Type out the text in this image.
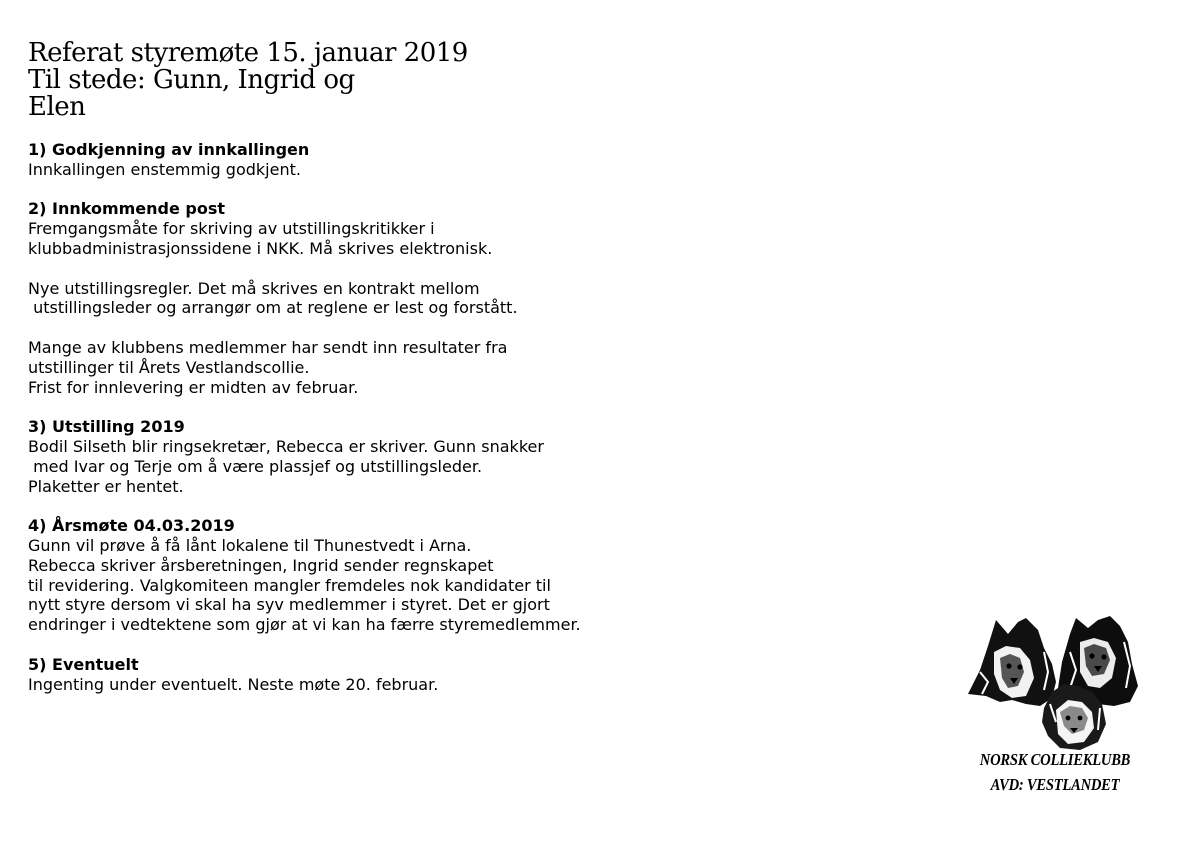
Referat styremøte 15. januar 2019
Til stede: Gunn, Ingrid og
Elen
1) Godkjenning av innkallingen
Innkallingen enstemmig godkjent.
2) Innkommende post
Fremgangsmåte for skriving av utstillingskritikker i
klubbadministrasjonssidene i NKK. Må skrives elektronisk.
Nye utstillingsregler. Det må skrives en kontrakt mellom
utstillingsleder og arrangør om at reglene er lest og forstått.
Mange av klubbens medlemmer har sendt inn resultater fra
utstillinger til Årets Vestlandscollie.
Frist for innlevering er midten av februar.
3) Utstilling 2019
Bodil Silseth blir ringsekretær, Rebecca er skriver. Gunn snakker
med Ivar og Terje om å være plassjef og utstillingsleder.
Plaketter er hentet.
4) Årsmøte 04.03.2019
Gunn vil prøve å få lånt lokalene til Thunestvedt i Arna.
Rebecca skriver årsberetningen, Ingrid sender regnskapet
til revidering. Valgkomiteen mangler fremdeles nok kandidater til
nytt styre dersom vi skal ha syv medlemmer i styret. Det er gjort
endringer i vedtektene som gjør at vi kan ha færre styremedlemmer.
5) Eventuelt
Ingenting under eventuelt. Neste møte 20. februar.
NORSK COLLIEKLUBB
AVD: VESTLANDET
